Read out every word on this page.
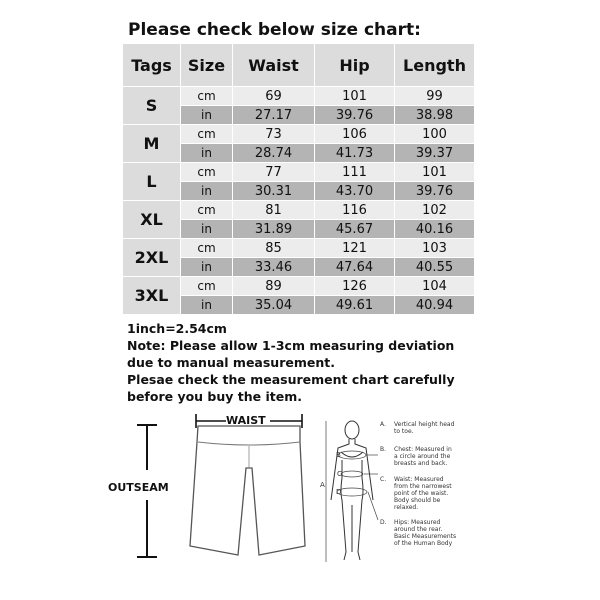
Please check below size chart:
Tags	Size	Waist	Hip	Length
S	cm	69	101	99
	in	27.17	39.76	38.98
M	cm	73	106	100
	in	28.74	41.73	39.37
L	cm	77	111	101
	in	30.31	43.70	39.76
XL	cm	81	116	102
	in	31.89	45.67	40.16
2XL	cm	85	121	103
	in	33.46	47.64	40.55
3XL	cm	89	126	104
	in	35.04	49.61	40.94
1inch=2.54cm
Note: Please allow 1-3cm measuring deviation
due to manual measurement.
Plesae check the measurement chart carefully
before you buy the item.
WAIST
OUTSEAM	A
B
C
D
A. Vertical height head
to toe.
B. Chest: Measured in
a circle around the
breasts and back.
C. Waist: Measured
from the narrowest
point of the waist.
Body should be
relaxed.
D. Hips: Measured
around the rear.
Basic Measurements
of the Human Body
